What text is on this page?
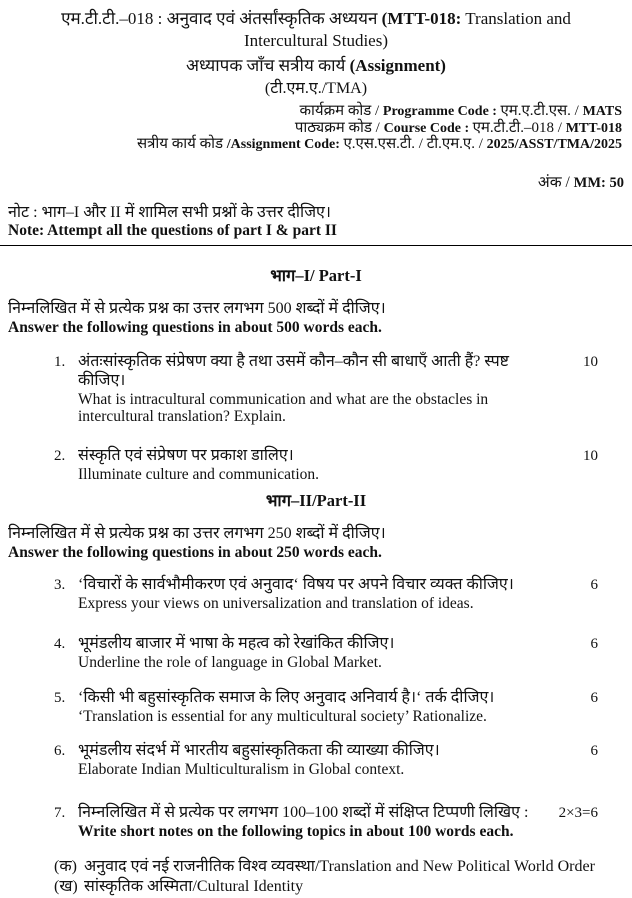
एम.टी.टी.–018 : अनुवाद एवं अंतर्सांस्कृतिक अध्ययन (MTT-018: Translation and Intercultural Studies)
अध्यापक जाँच सत्रीय कार्य (Assignment)
(टी.एम.ए./TMA)
कार्यक्रम कोड / Programme Code : एम.ए.टी.एस. / MATS
पाठ्यक्रम कोड / Course Code : एम.टी.टी.–018 / MTT-018
सत्रीय कार्य कोड /Assignment Code: ए.एस.एस.टी. / टी.एम.ए. / 2025/ASST/TMA/2025
अंक / MM: 50
नोट : भाग–I और II में शामिल सभी प्रश्नों के उत्तर दीजिए।
Note: Attempt all the questions of part I & part II
भाग–I/ Part-I
निम्नलिखित में से प्रत्येक प्रश्न का उत्तर लगभग 500 शब्दों में दीजिए।
Answer the following questions in about 500 words each.
1. अंतःसांस्कृतिक संप्रेषण क्या है तथा उसमें कौन–कौन सी बाधाएँ आती हैं? स्पष्ट कीजिए।
What is intracultural communication and what are the obstacles in intercultural translation? Explain.
10
2. संस्कृति एवं संप्रेषण पर प्रकाश डालिए।
Illuminate culture and communication.
10
भाग–II/Part-II
निम्नलिखित में से प्रत्येक प्रश्न का उत्तर लगभग 250 शब्दों में दीजिए।
Answer the following questions in about 250 words each.
3. ‘विचारों के सार्वभौमीकरण एवं अनुवाद‘ विषय पर अपने विचार व्यक्त कीजिए।
Express your views on universalization and translation of ideas.
6
4. भूमंडलीय बाजार में भाषा के महत्व को रेखांकित कीजिए।
Underline the role of language in Global Market.
6
5. ‘किसी भी बहुसांस्कृतिक समाज के लिए अनुवाद अनिवार्य है।‘ तर्क दीजिए।
‘Translation is essential for any multicultural society’ Rationalize.
6
6. भूमंडलीय संदर्भ में भारतीय बहुसांस्कृतिकता की व्याख्या कीजिए।
Elaborate Indian Multiculturalism in Global context.
6
7. निम्नलिखित में से प्रत्येक पर लगभग 100–100 शब्दों में संक्षिप्त टिप्पणी लिखिए :
Write short notes on the following topics in about 100 words each.
2×3=6
(क) अनुवाद एवं नई राजनीतिक विश्व व्यवस्था/Translation and New Political World Order
(ख) सांस्कृतिक अस्मिता/Cultural Identity
